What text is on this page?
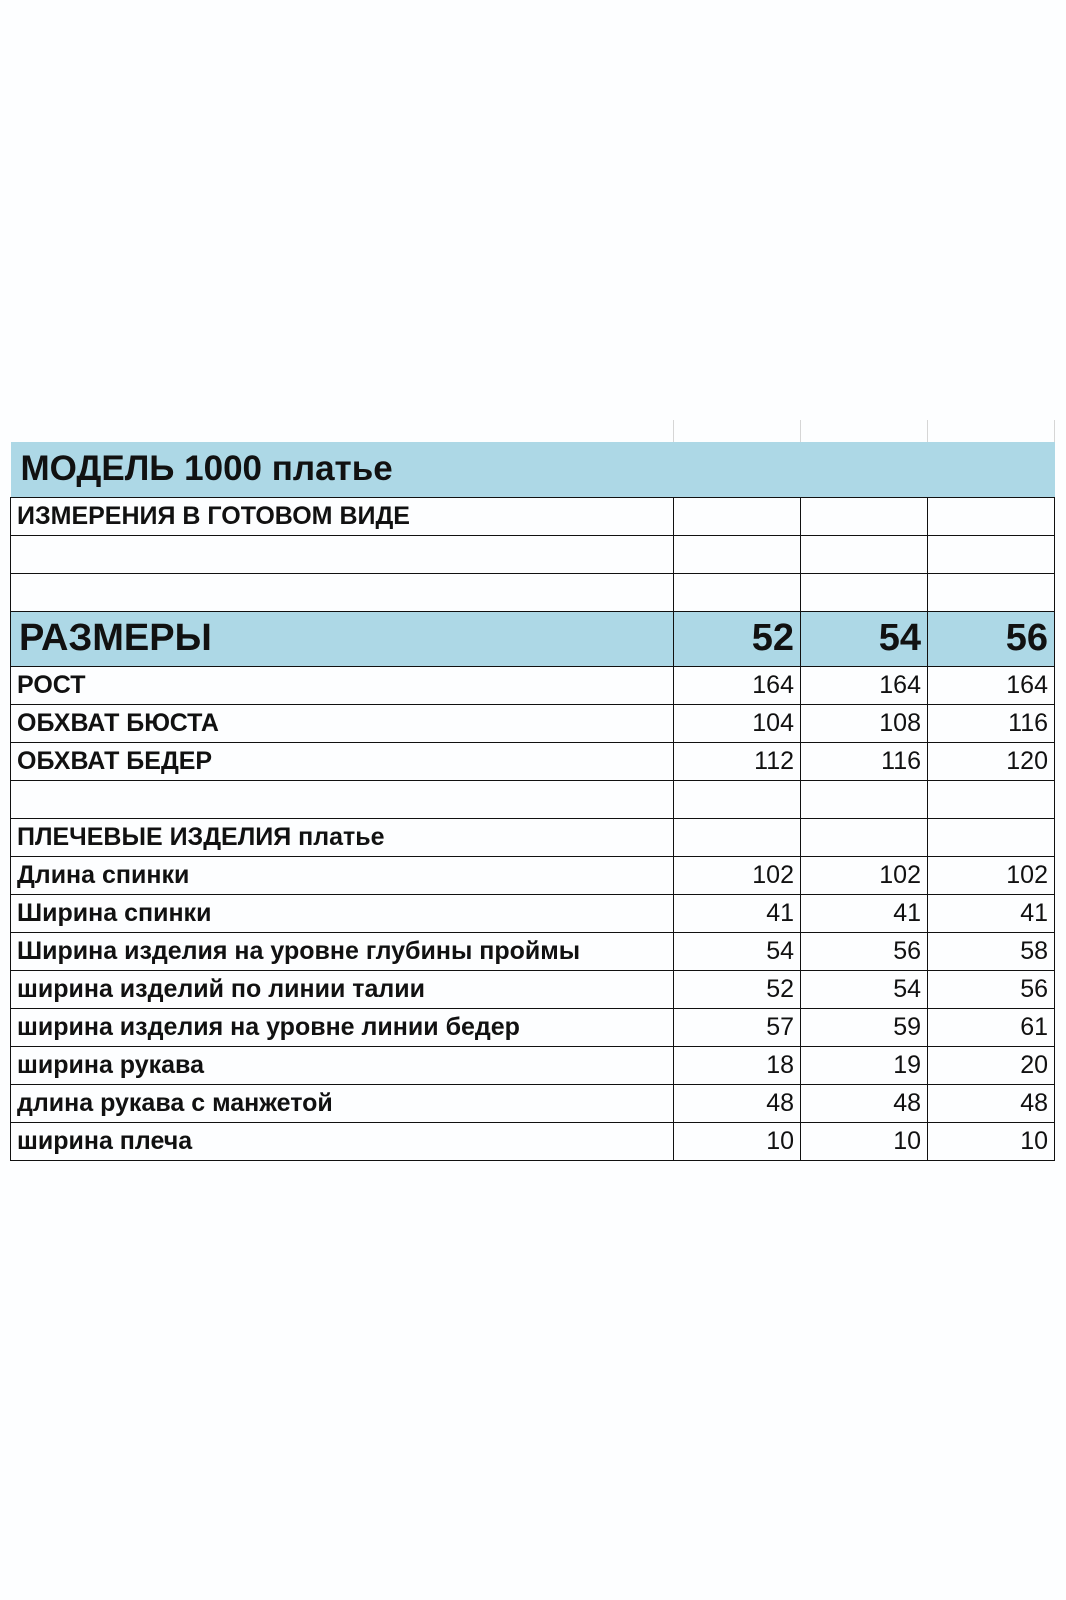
МОДЕЛЬ 1000 платье			
ИЗМЕРЕНИЯ В ГОТОВОМ ВИДЕ			

РАЗМЕРЫ	52	54	56
РОСТ	164	164	164
ОБХВАТ БЮСТА	104	108	116
ОБХВАТ БЕДЕР	112	116	120

ПЛЕЧЕВЫЕ ИЗДЕЛИЯ платье			
Длина спинки	102	102	102
Ширина спинки	41	41	41
Ширина изделия на уровне глубины проймы	54	56	58
ширина изделий по линии талии	52	54	56
ширина изделия на уровне линии бедер	57	59	61
ширина рукава	18	19	20
длина рукава с манжетой	48	48	48
ширина плеча	10	10	10
